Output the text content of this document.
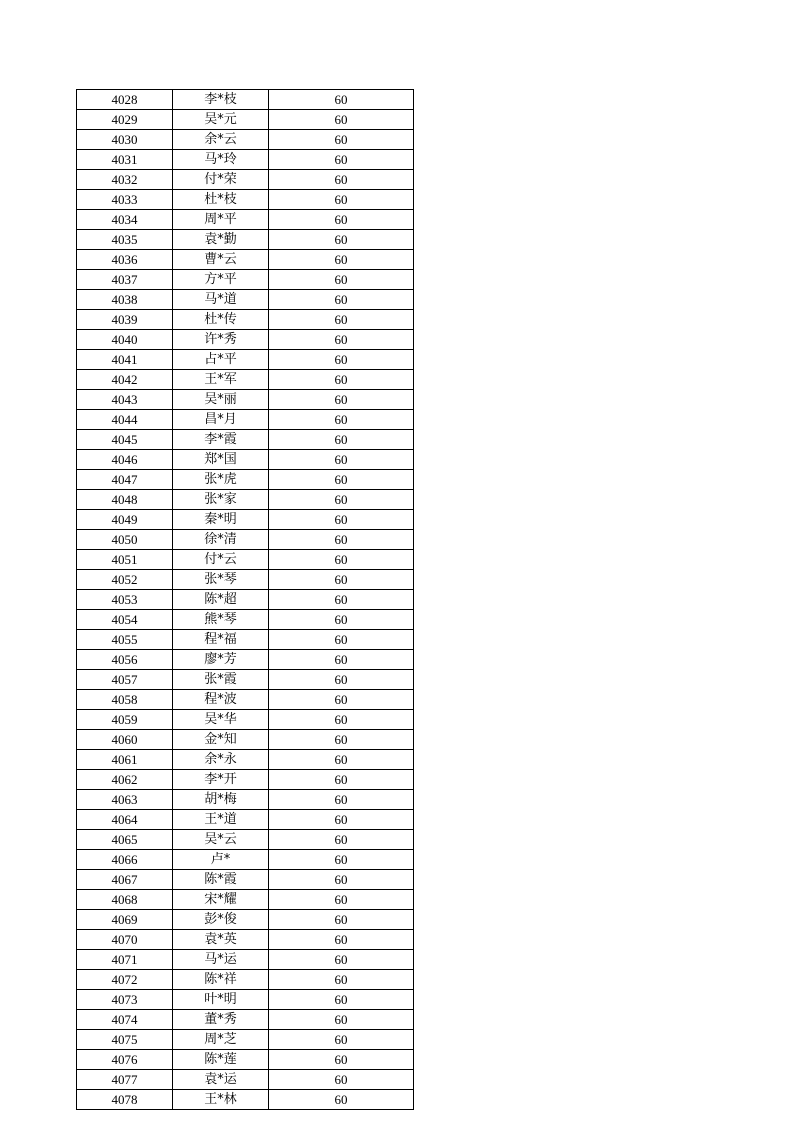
4028	李*枝	60
4029	吴*元	60
4030	余*云	60
4031	马*玲	60
4032	付*荣	60
4033	杜*枝	60
4034	周*平	60
4035	袁*勤	60
4036	曹*云	60
4037	方*平	60
4038	马*道	60
4039	杜*传	60
4040	许*秀	60
4041	占*平	60
4042	王*军	60
4043	吴*丽	60
4044	昌*月	60
4045	李*霞	60
4046	郑*国	60
4047	张*虎	60
4048	张*家	60
4049	秦*明	60
4050	徐*清	60
4051	付*云	60
4052	张*琴	60
4053	陈*超	60
4054	熊*琴	60
4055	程*福	60
4056	廖*芳	60
4057	张*霞	60
4058	程*波	60
4059	吴*华	60
4060	金*知	60
4061	余*永	60
4062	李*开	60
4063	胡*梅	60
4064	王*道	60
4065	吴*云	60
4066	卢*	60
4067	陈*霞	60
4068	宋*耀	60
4069	彭*俊	60
4070	袁*英	60
4071	马*运	60
4072	陈*祥	60
4073	叶*明	60
4074	董*秀	60
4075	周*芝	60
4076	陈*莲	60
4077	袁*运	60
4078	王*林	60
